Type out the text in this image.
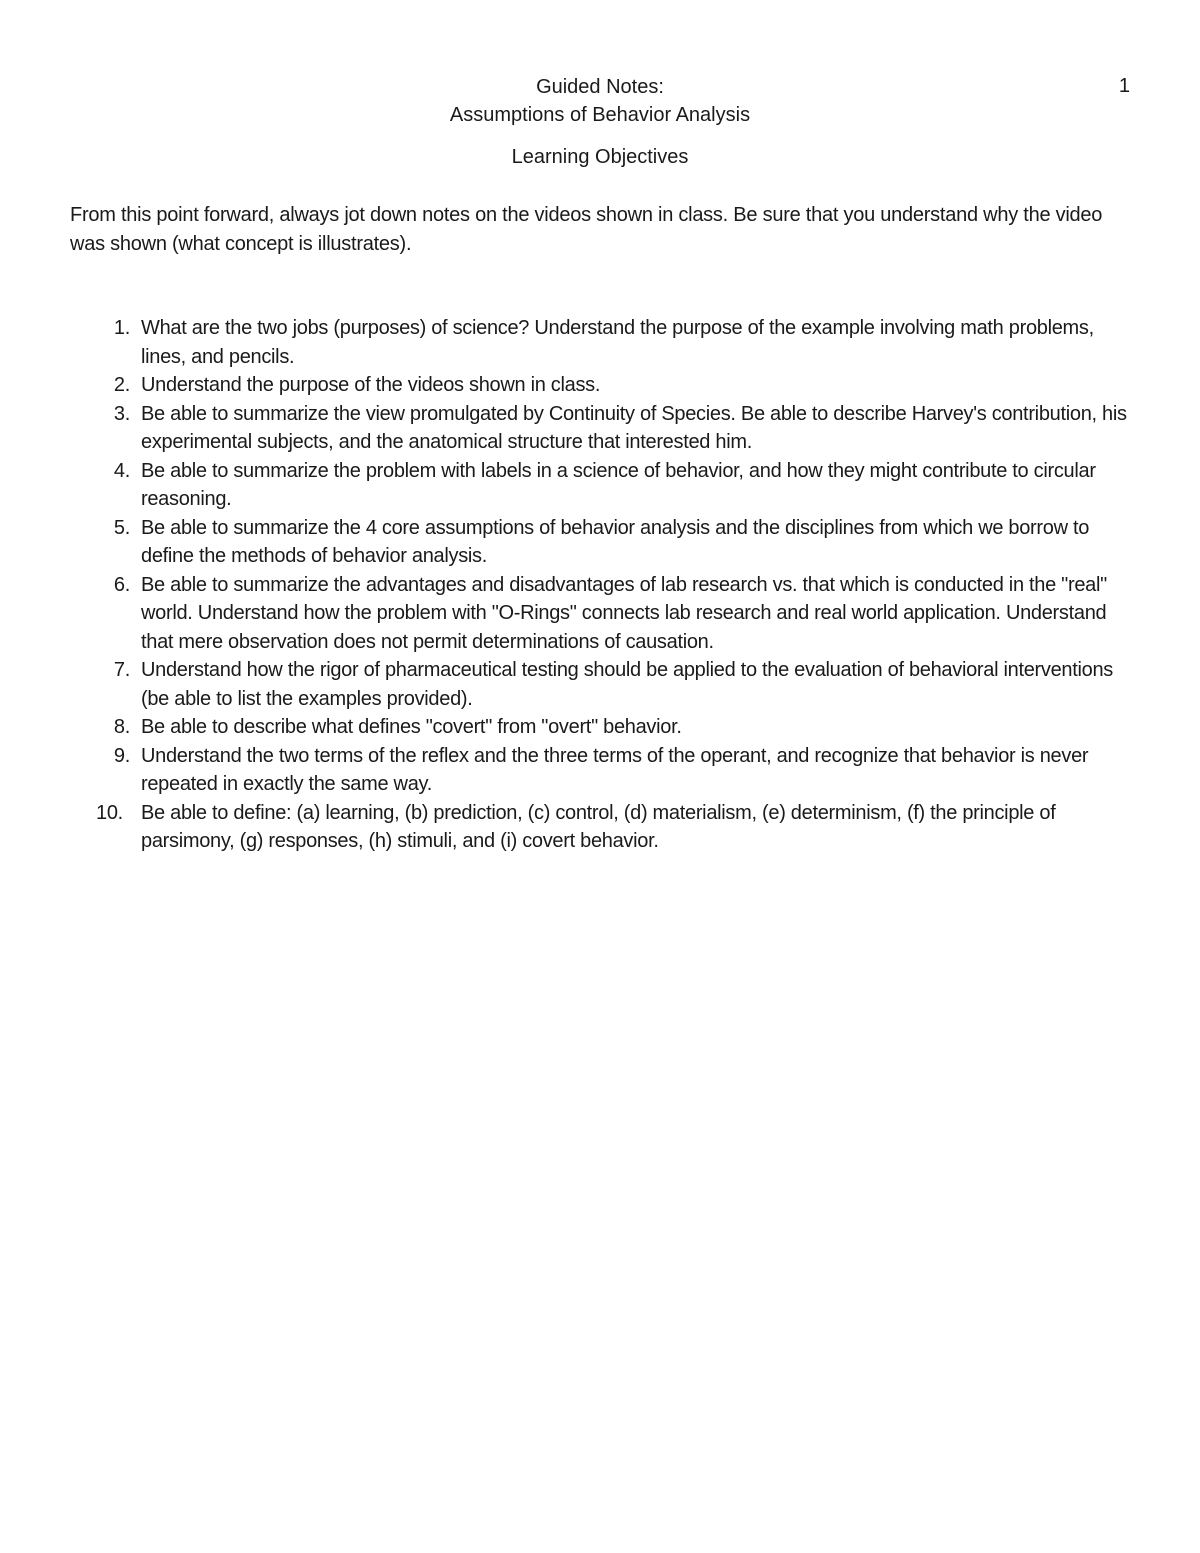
1
Guided Notes:
Assumptions of Behavior Analysis
Learning Objectives
From this point forward, always jot down notes on the videos shown in class. Be sure that you understand why the video was shown (what concept is illustrates).
1. What are the two jobs (purposes) of science? Understand the purpose of the example involving math problems, lines, and pencils.
2. Understand the purpose of the videos shown in class.
3. Be able to summarize the view promulgated by Continuity of Species. Be able to describe Harvey's contribution, his experimental subjects, and the anatomical structure that interested him.
4. Be able to summarize the problem with labels in a science of behavior, and how they might contribute to circular reasoning.
5. Be able to summarize the 4 core assumptions of behavior analysis and the disciplines from which we borrow to define the methods of behavior analysis.
6. Be able to summarize the advantages and disadvantages of lab research vs. that which is conducted in the "real" world. Understand how the problem with "O-Rings" connects lab research and real world application. Understand that mere observation does not permit determinations of causation.
7. Understand how the rigor of pharmaceutical testing should be applied to the evaluation of behavioral interventions (be able to list the examples provided).
8. Be able to describe what defines "covert" from "overt" behavior.
9. Understand the two terms of the reflex and the three terms of the operant, and recognize that behavior is never repeated in exactly the same way.
10. Be able to define: (a) learning, (b) prediction, (c) control, (d) materialism, (e) determinism, (f) the principle of parsimony, (g) responses, (h) stimuli, and (i) covert behavior.
